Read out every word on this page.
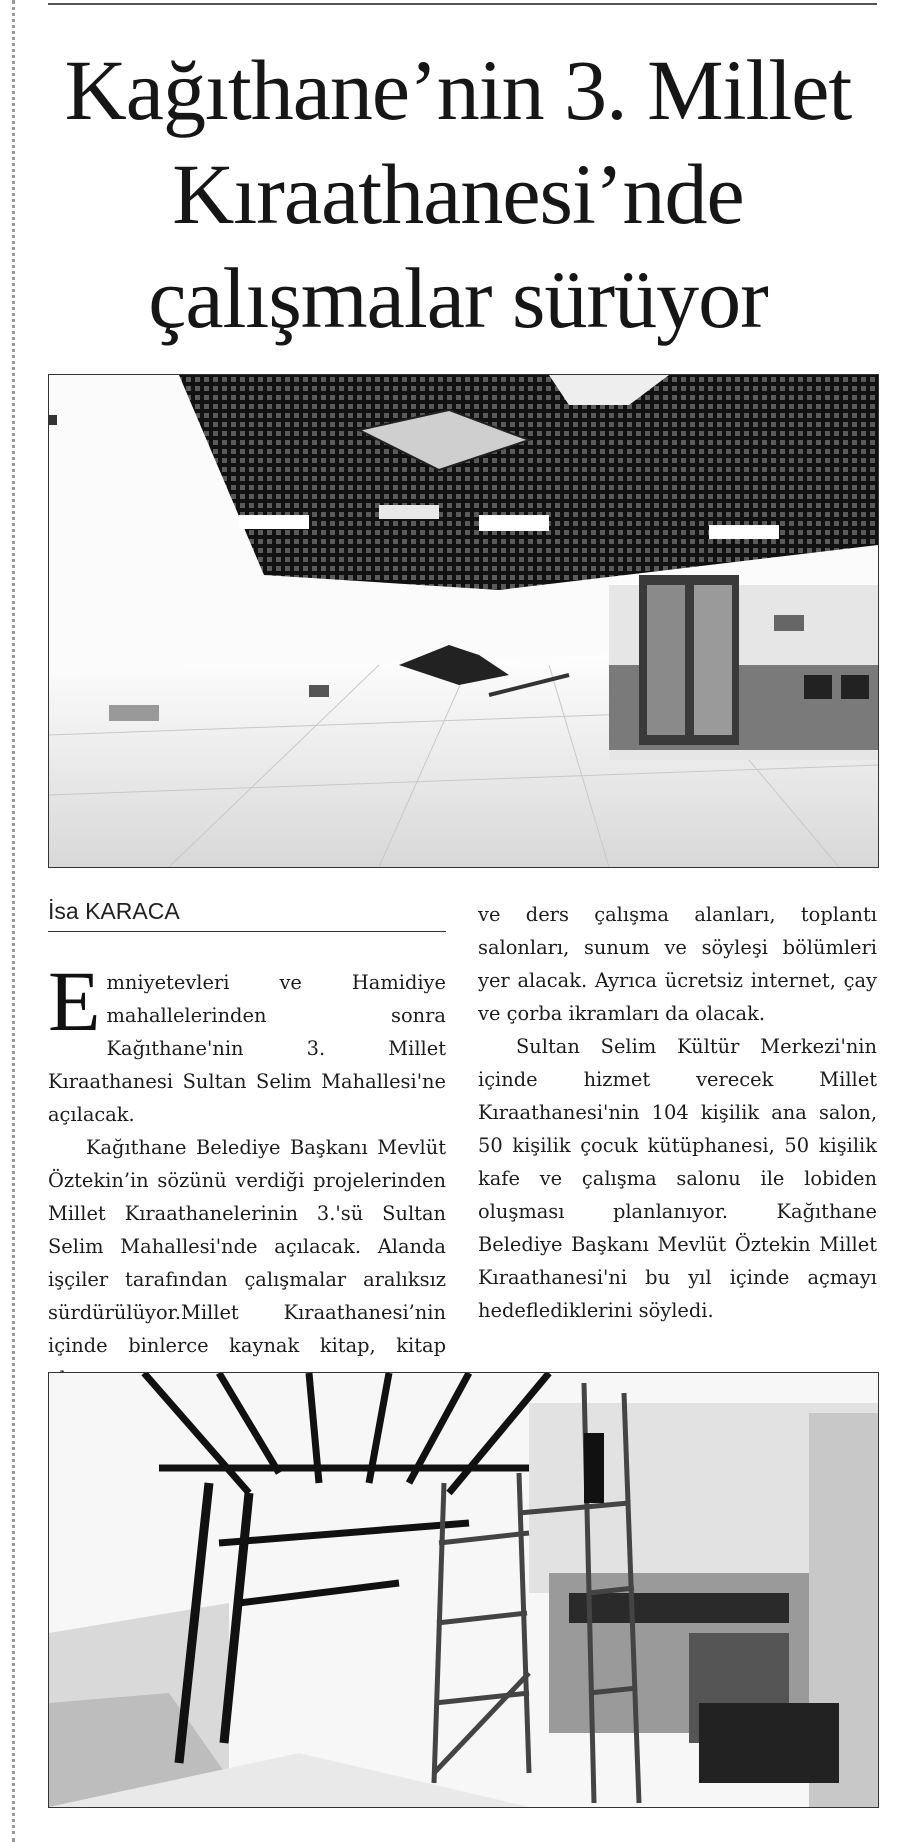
Kağıthane’nin 3. Millet Kıraathanesi’nde çalışmalar sürüyor
İsa KARACA

Emniyetevleri ve Hamidiye mahallelerinden sonra Kağıthane'nin 3. Millet Kıraathanesi Sultan Selim Mahallesi'ne açılacak.

Kağıthane Belediye Başkanı Mevlüt Öztekin’in sözünü verdiği projelerinden Millet Kıraathanelerinin 3.'sü Sultan Selim Mahallesi'nde açılacak. Alanda işçiler tarafından çalışmalar aralıksız sürdürülüyor.Millet Kıraathanesi’nin içinde binlerce kaynak kitap, kitap

ve ders çalışma alanları, toplantı salonları, sunum ve söyleşi bölümleri yer alacak. Ayrıca ücretsiz internet, çay ve çorba ikramları da olacak.

Sultan Selim Kültür Merkezi'nin içinde hizmet verecek Millet Kıraathanesi'nin 104 kişilik ana salon, 50 kişilik çocuk kütüphanesi, 50 kişilik kafe ve çalışma salonu ile lobiden oluşması planlanıyor. Kağıthane Belediye Başkanı Mevlüt Öztekin Millet Kıraathanesi'ni bu yıl içinde açmayı hedeflediklerini söyledi.
